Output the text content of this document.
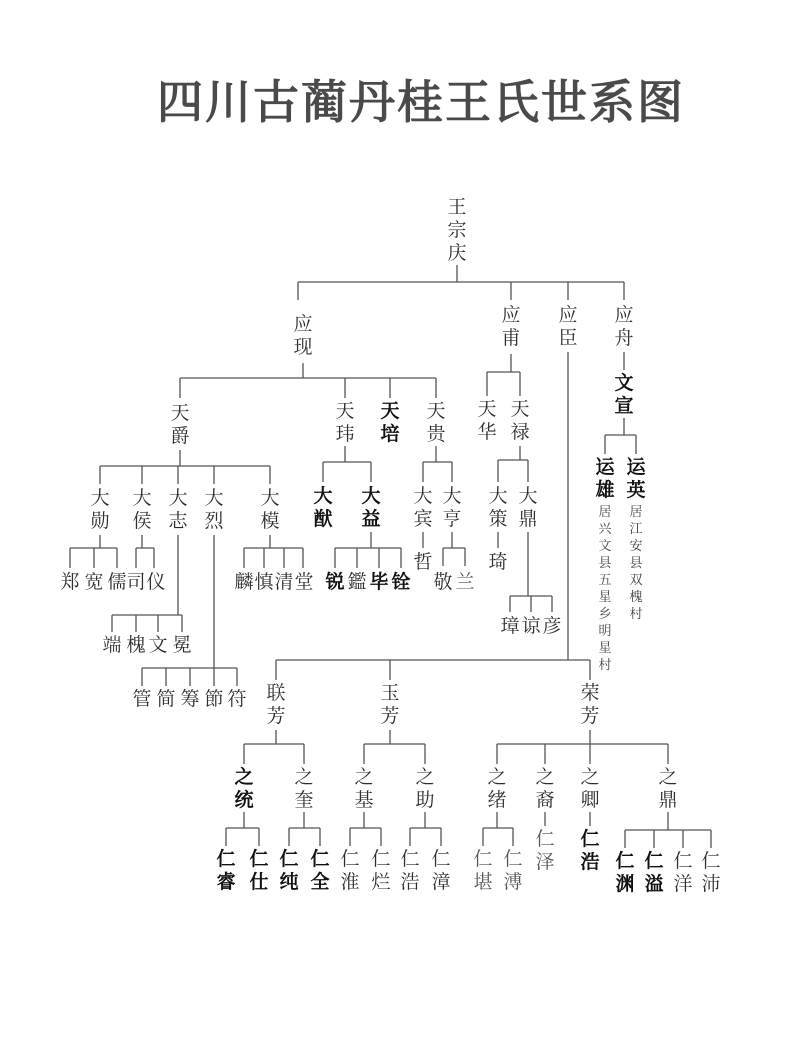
四川古蔺丹桂王氏世系图
王宗庆
应现
应甫
应臣
应舟
天爵
天玮
天培
天贵
天华
天禄
文宣
运雄
运英
居兴文县五星乡明星村
居江安县双槐村
大勋
大侯
大志
大烈
大模
大猷
大益
大宾
大亨
大策
大鼎
郑 宽 儒 司 仪	麟 慎 清 堂 锐 鑑 毕 铨
哲
敬 兰
琦
璋 谅 彦
端 槐 文 冕
管 简 筹 節 符 联芳
玉芳
荣芳
之统
之奎
之基
之助
之绪
之裔
之卿
之鼎
仁睿
仁仕
仁纯
仁全
仁淮
仁烂
仁浩
仁漳
仁堪
仁溥
仁泽
仁浩 仁渊
仁溢
仁洋
仁沛
